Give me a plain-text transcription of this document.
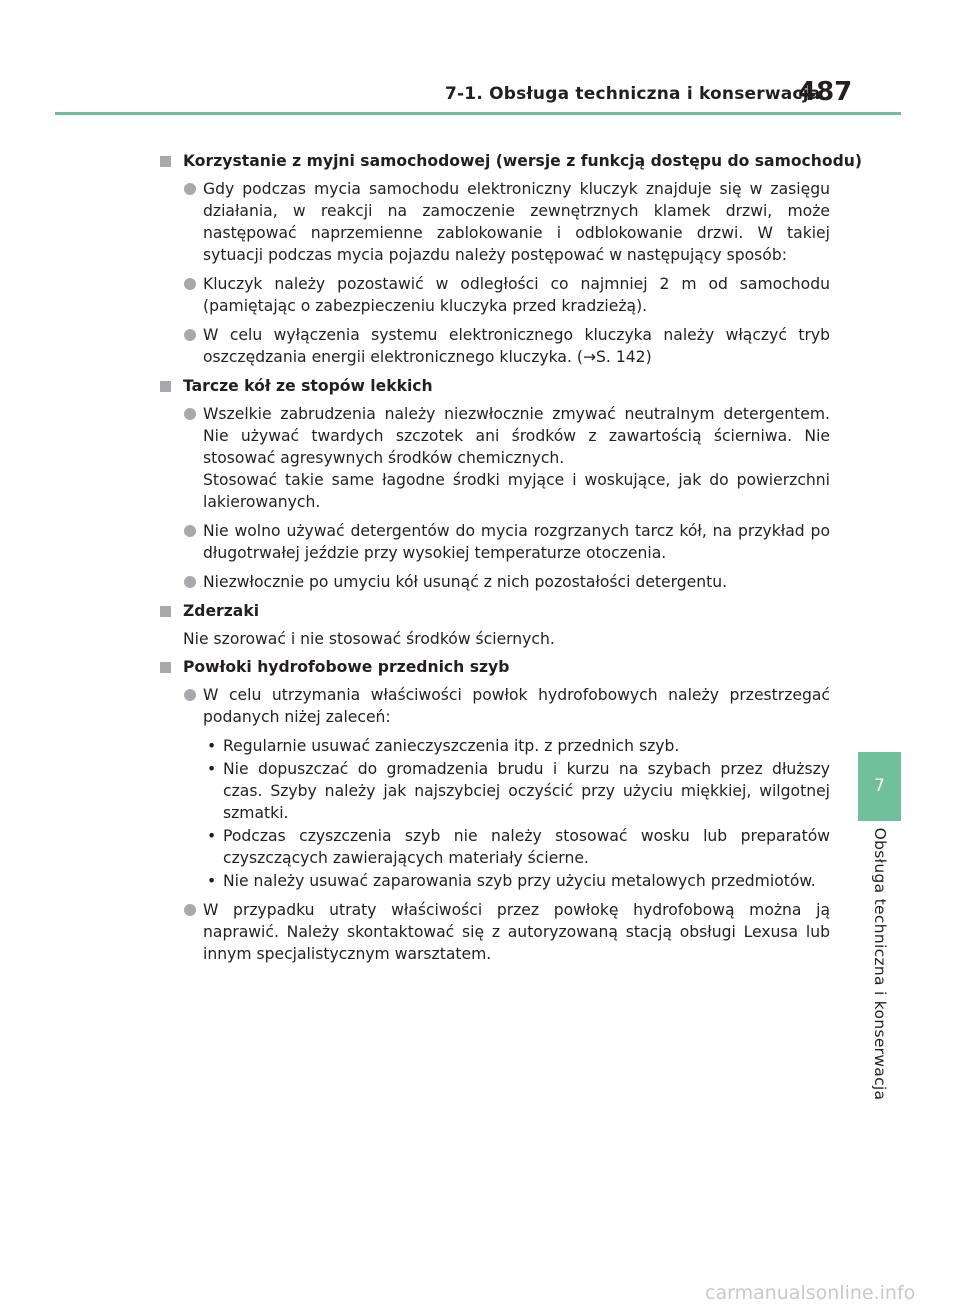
7-1. Obsługa techniczna i konserwacja
487
Korzystanie z myjni samochodowej (wersje z funkcją dostępu do samochodu)
Gdy podczas mycia samochodu elektroniczny kluczyk znajduje się w zasięgu działania, w reakcji na zamoczenie zewnętrznych klamek drzwi, może następować naprzemienne zablokowanie i odblokowanie drzwi. W takiej sytuacji podczas mycia pojazdu należy postępować w następujący sposób:
Kluczyk należy pozostawić w odległości co najmniej 2 m od samochodu (pamiętając o zabezpieczeniu kluczyka przed kradzieżą).
W celu wyłączenia systemu elektronicznego kluczyka należy włączyć tryb oszczędzania energii elektronicznego kluczyka. (→S. 142)
Tarcze kół ze stopów lekkich
Wszelkie zabrudzenia należy niezwłocznie zmywać neutralnym detergentem. Nie używać twardych szczotek ani środków z zawartością ścierniwa. Nie stosować agresywnych środków chemicznych.
Stosować takie same łagodne środki myjące i woskujące, jak do powierzchni lakierowanych.
Nie wolno używać detergentów do mycia rozgrzanych tarcz kół, na przykład po długotrwałej jeździe przy wysokiej temperaturze otoczenia.
Niezwłocznie po umyciu kół usunąć z nich pozostałości detergentu.
Zderzaki
Nie szorować i nie stosować środków ściernych.
Powłoki hydrofobowe przednich szyb
W celu utrzymania właściwości powłok hydrofobowych należy przestrzegać podanych niżej zaleceń:
• Regularnie usuwać zanieczyszczenia itp. z przednich szyb.
• Nie dopuszczać do gromadzenia brudu i kurzu na szybach przez dłuższy czas. Szyby należy jak najszybciej oczyścić przy użyciu miękkiej, wilgotnej szmatki.
• Podczas czyszczenia szyb nie należy stosować wosku lub preparatów czyszczących zawierających materiały ścierne.
• Nie należy usuwać zaparowania szyb przy użyciu metalowych przedmiotów.
W przypadku utraty właściwości przez powłokę hydrofobową można ją naprawić. Należy skontaktować się z autoryzowaną stacją obsługi Lexusa lub innym specjalistycznym warsztatem.
7
Obsługa techniczna i konserwacja
carmanualsonline.info
